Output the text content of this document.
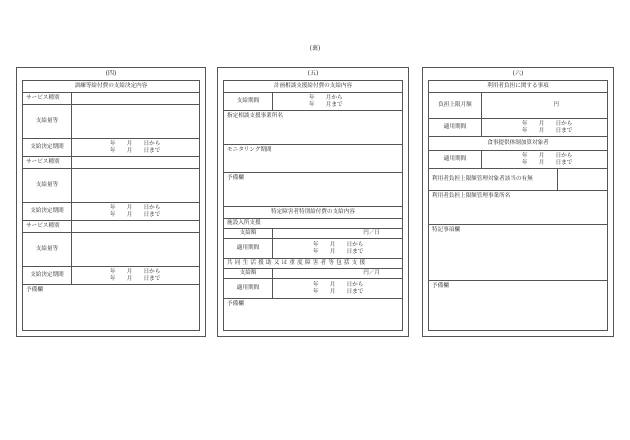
(裏)
(四)
訓練等給付費の支給決定内容
サービス種別
支給量等
支給決定期間
年　　月　　日から
年　　月　　日まで
サービス種別
支給量等
支給決定期間
年　　月　　日から
年　　月　　日まで
サービス種別
支給量等
支給決定期間
年　　月　　日から
年　　月　　日まで
予備欄
(五)
計画相談支援給付費の支給内容
支給期間
年　　月から
年　　月まで
指定相談支援事業所名
モニタリング期間
予備欄
特定障害者特別給付費の支給内容
施設入所支援
支給額	円／日
適用期間
年　　月　　日から
年　　月　　日まで
共同生活援助又は重度障害者等包括支援
支給額	円／月
適用期間
年　　月　　日から
年　　月　　日まで
予備欄
(六)
利用者負担に関する事項
負担上限月額	円
適用期間
年　　月　　日から
年　　月　　日まで
食事提供体制加算対象者
適用期間
年　　月　　日から
年　　月　　日まで
利用者負担上限額管理対象者該当の有無
利用者負担上限額管理事業所名
特記事項欄
予備欄
